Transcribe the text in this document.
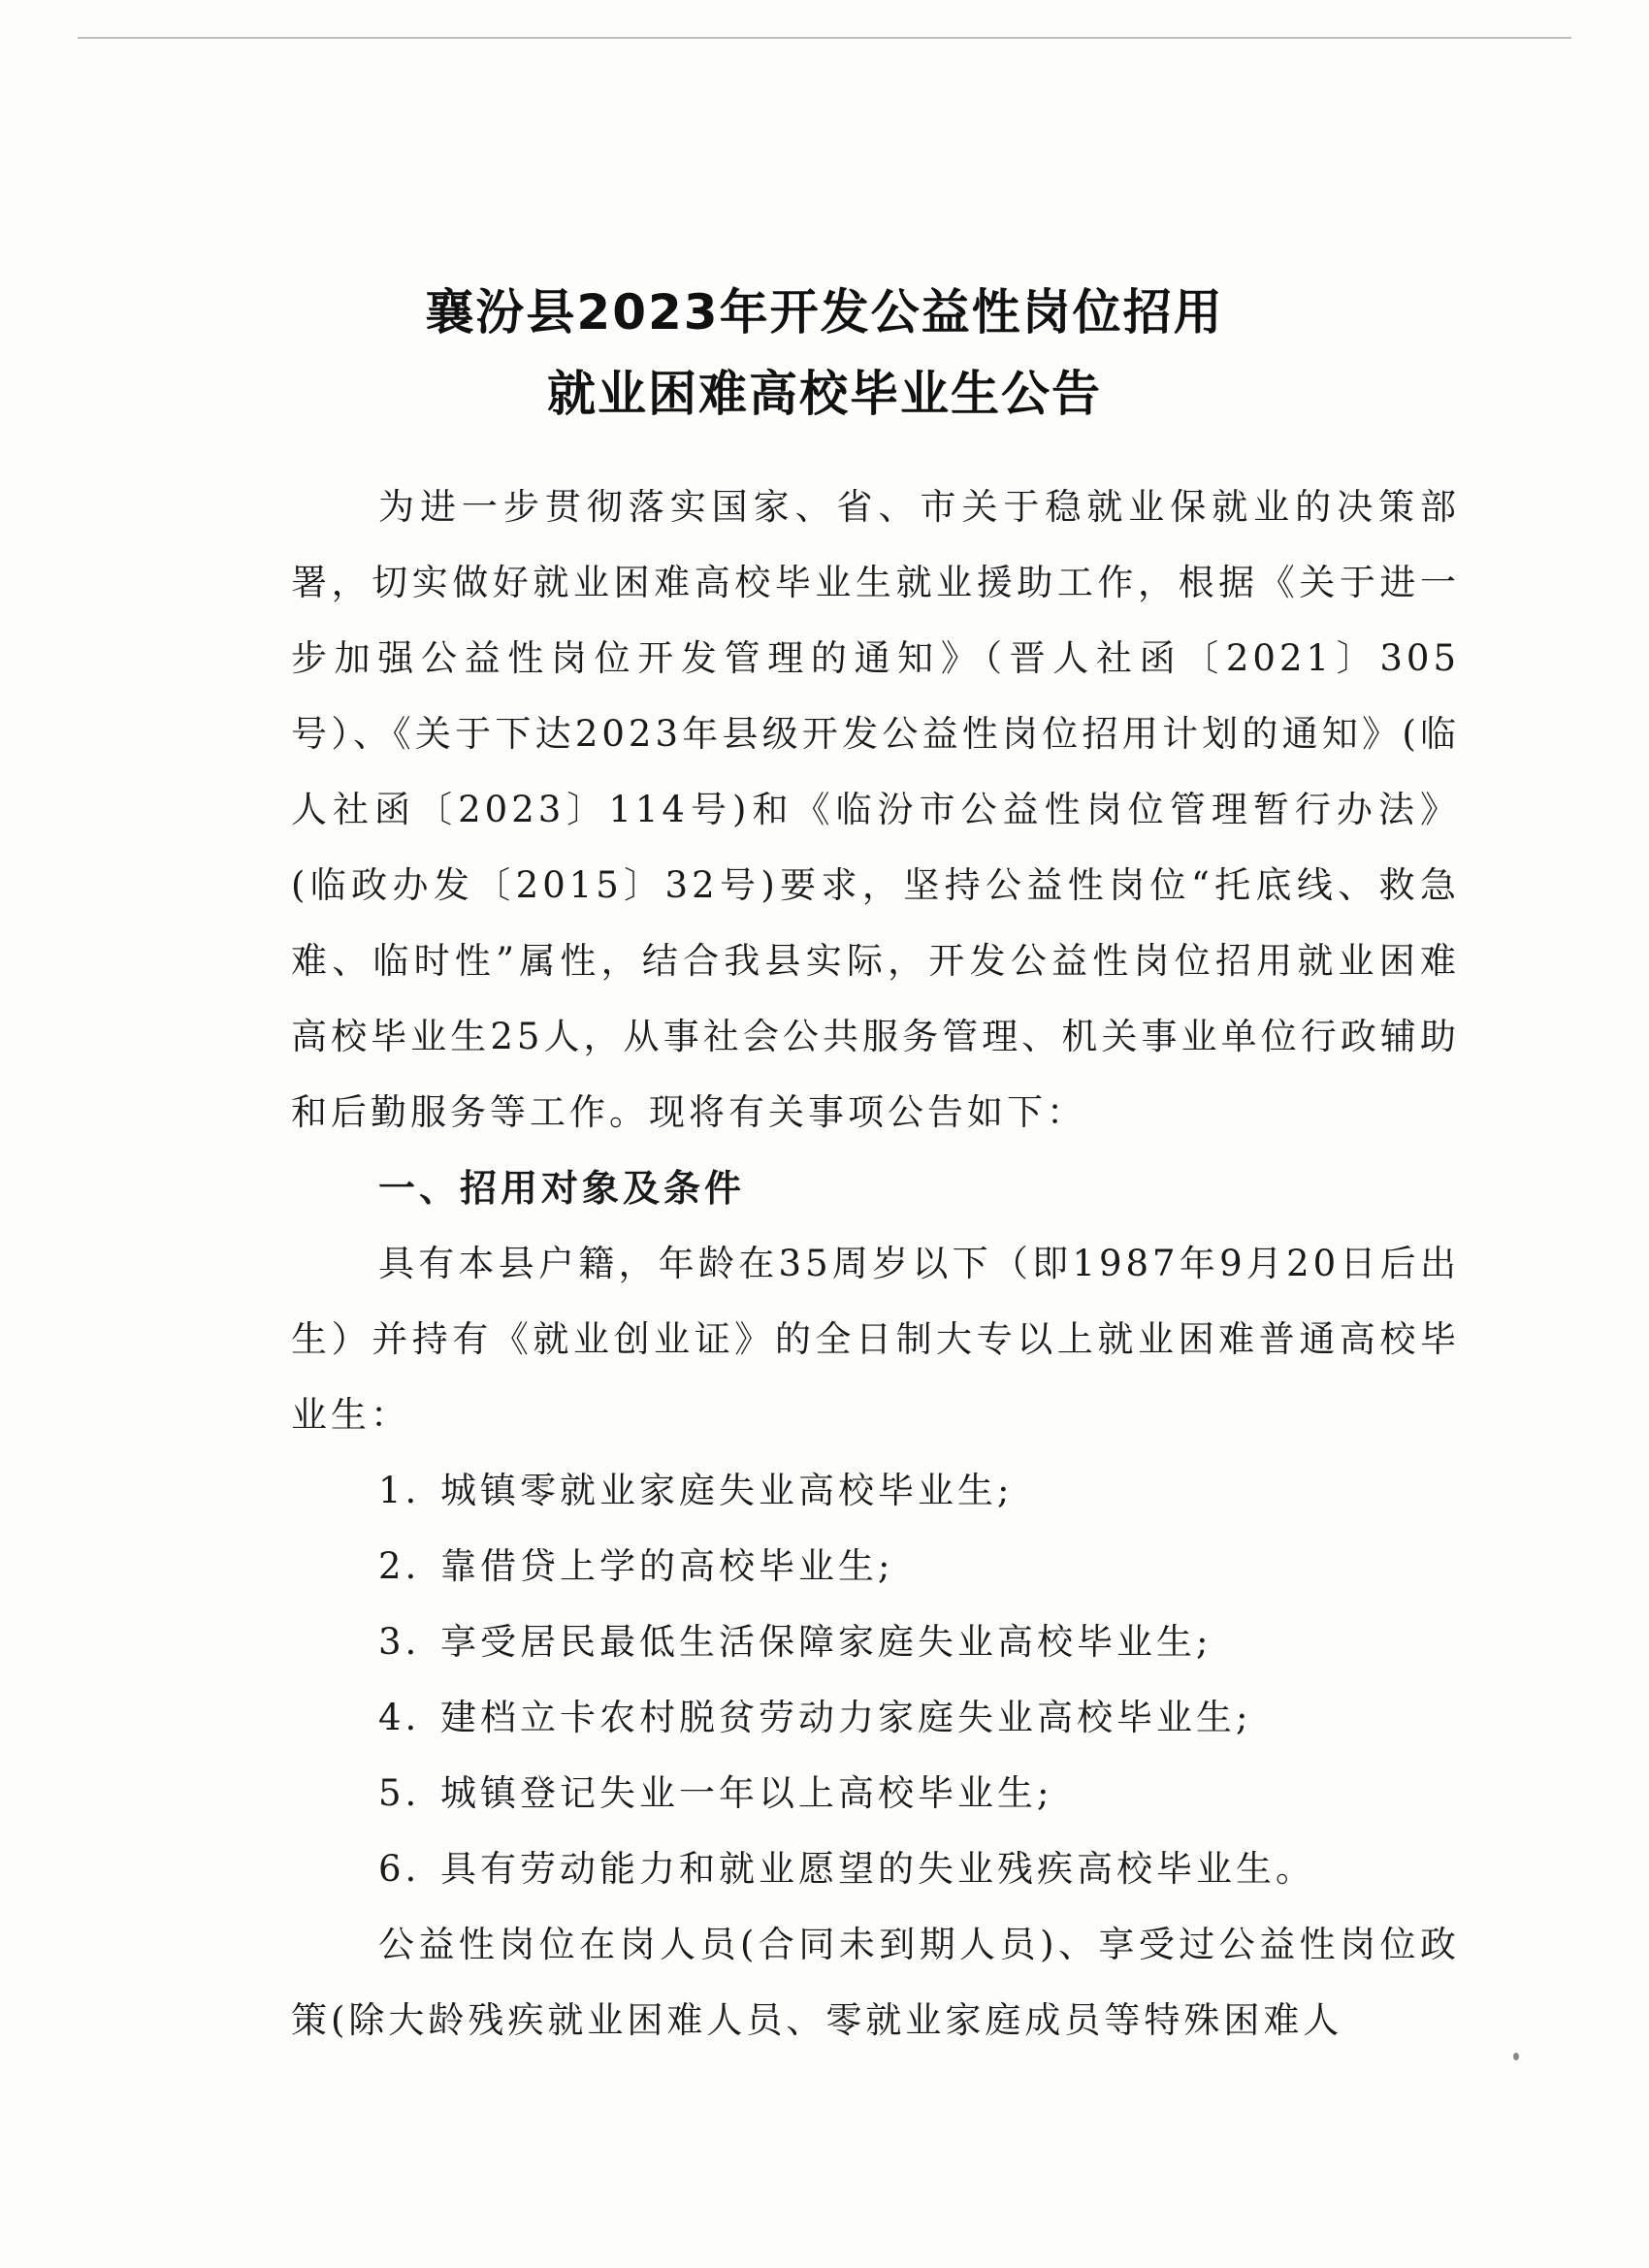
襄汾县2023年开发公益性岗位招用
就业困难高校毕业生公告

为进一步贯彻落实国家、省、市关于稳就业保就业的决策部署，切实做好就业困难高校毕业生就业援助工作，根据《关于进一步加强公益性岗位开发管理的通知》（晋人社函〔2021〕305号）、《关于下达2023年县级开发公益性岗位招用计划的通知》(临人社函〔2023〕114号)和《临汾市公益性岗位管理暂行办法》(临政办发〔2015〕32号)要求，坚持公益性岗位“托底线、救急难、临时性”属性，结合我县实际，开发公益性岗位招用就业困难高校毕业生25人，从事社会公共服务管理、机关事业单位行政辅助和后勤服务等工作。现将有关事项公告如下：

一、招用对象及条件

具有本县户籍，年龄在35周岁以下（即1987年9月20日后出生）并持有《就业创业证》的全日制大专以上就业困难普通高校毕业生：

1. 城镇零就业家庭失业高校毕业生;

2. 靠借贷上学的高校毕业生;

3. 享受居民最低生活保障家庭失业高校毕业生;

4. 建档立卡农村脱贫劳动力家庭失业高校毕业生;

5. 城镇登记失业一年以上高校毕业生;

6. 具有劳动能力和就业愿望的失业残疾高校毕业生。

公益性岗位在岗人员(合同未到期人员)、享受过公益性岗位政策(除大龄残疾就业困难人员、零就业家庭成员等特殊困难人
